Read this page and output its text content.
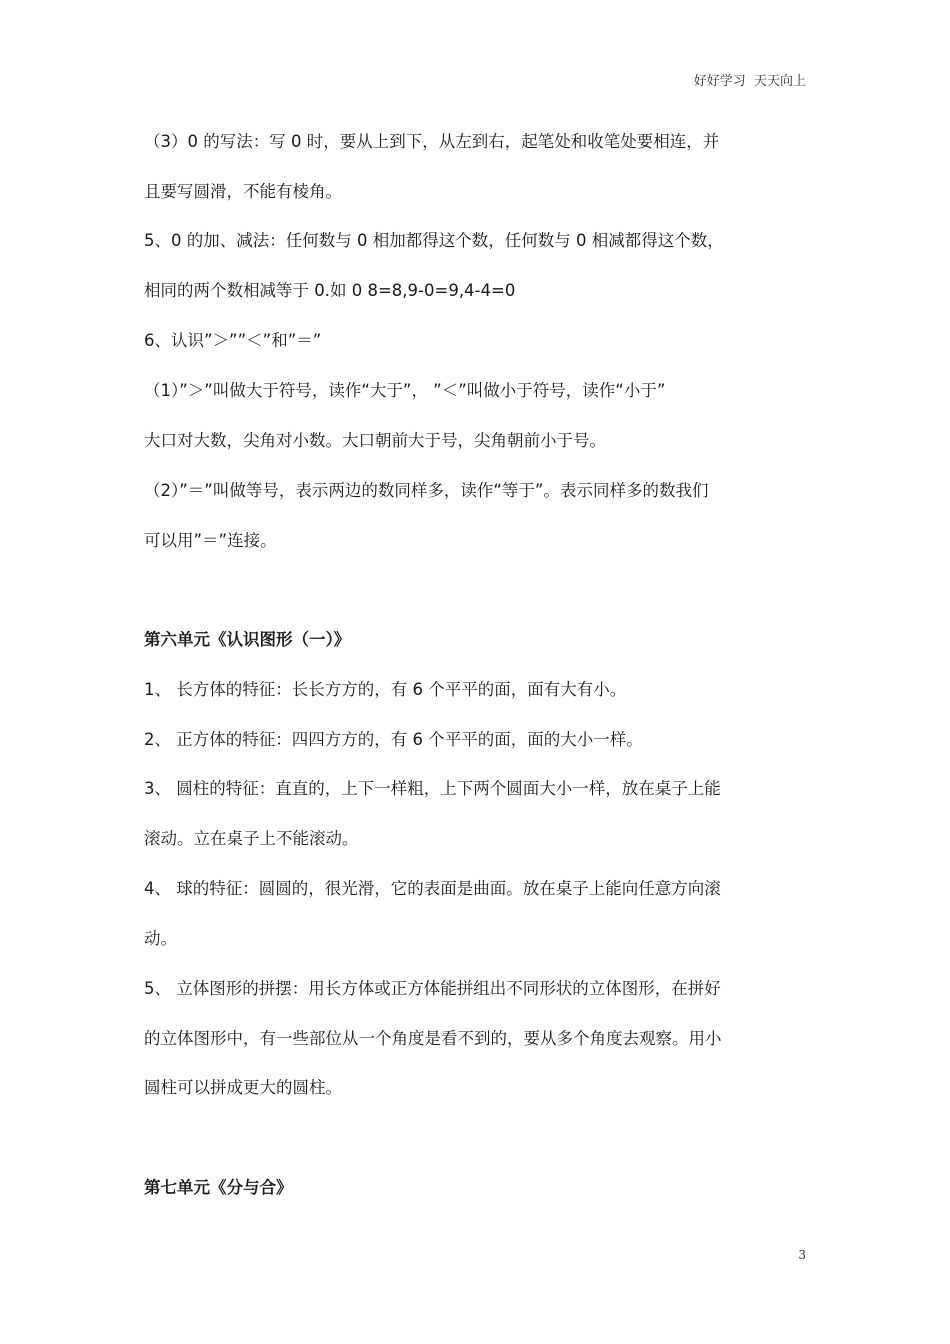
好好学习  天天向上
（3）0 的写法：写 0 时，要从上到下，从左到右，起笔处和收笔处要相连，并
且要写圆滑，不能有棱角。
5、0 的加、减法：任何数与 0 相加都得这个数，任何数与 0 相减都得这个数，
相同的两个数相减等于 0.如 0 8=8,9-0=9,4-4=0
6、认识”＞””＜”和”＝”
（1）”＞”叫做大于符号，读作“大于”， ”＜”叫做小于符号，读作“小于”
大口对大数，尖角对小数。大口朝前大于号，尖角朝前小于号。
（2）”＝”叫做等号，表示两边的数同样多，读作“等于”。表示同样多的数我们
可以用”＝”连接。
第六单元《认识图形（一）》
1、 长方体的特征：长长方方的，有 6 个平平的面，面有大有小。
2、 正方体的特征：四四方方的，有 6 个平平的面，面的大小一样。
3、 圆柱的特征：直直的，上下一样粗，上下两个圆面大小一样，放在桌子上能
滚动。立在桌子上不能滚动。
4、 球的特征：圆圆的，很光滑，它的表面是曲面。放在桌子上能向任意方向滚
动。
5、 立体图形的拼摆：用长方体或正方体能拼组出不同形状的立体图形，在拼好
的立体图形中，有一些部位从一个角度是看不到的，要从多个角度去观察。用小
圆柱可以拼成更大的圆柱。
第七单元《分与合》
3
